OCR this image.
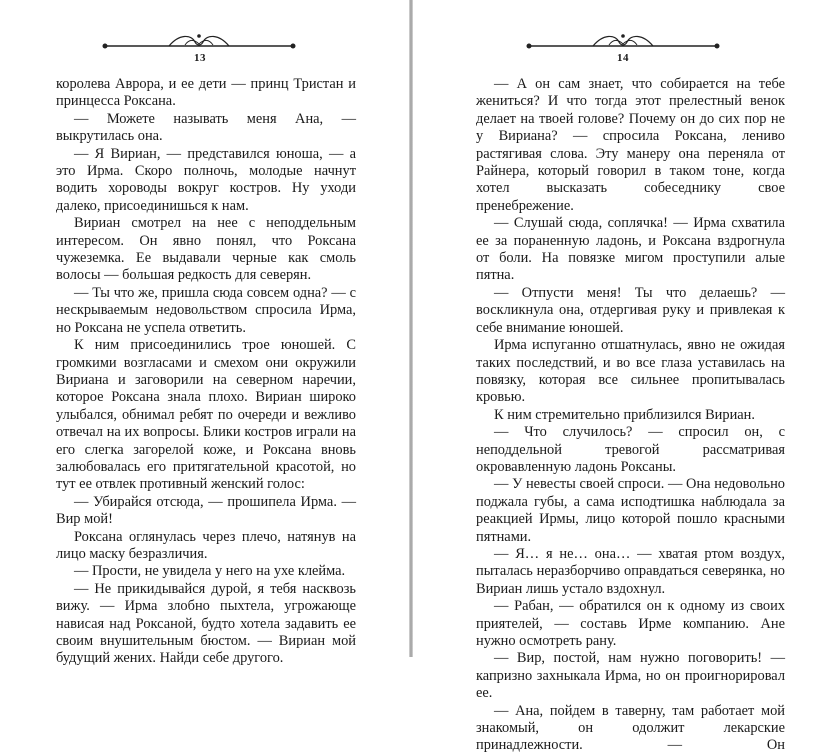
13

королева Аврора, и ее дети — принц Тристан и принцесса Роксана.

— Можете называть меня Ана, — выкрутилась она.

— Я Вириан, — представился юноша, — а это Ирма. Скоро полночь, молодые начнут водить хороводы вокруг костров. Ну уходи далеко, присоединишься к нам.

Вириан смотрел на нее с неподдельным интересом. Он явно понял, что Роксана чужеземка. Ее выдавали черные как смоль волосы — большая редкость для северян.

— Ты что же, пришла сюда совсем одна? — с нескрываемым недовольством спросила Ирма, но Роксана не успела ответить.

К ним присоединились трое юношей. С громкими возгласами и смехом они окружили Вириана и заговорили на северном наречии, которое Роксана знала плохо. Вириан широко улыбался, обнимал ребят по очереди и вежливо отвечал на их вопросы. Блики костров играли на его слегка загорелой коже, и Роксана вновь залюбовалась его притягательной красотой, но тут ее отвлек противный женский голос:

— Убирайся отсюда, — прошипела Ирма. — Вир мой!

Роксана оглянулась через плечо, натянув на лицо маску безразличия.

— Прости, не увидела у него на ухе клейма.

— Не прикидывайся дурой, я тебя насквозь вижу. — Ирма злобно пыхтела, угрожающе нависая над Роксаной, будто хотела задавить ее своим внушительным бюстом. — Вириан мой будущий жених. Найди себе другого.

14

— А он сам знает, что собирается на тебе жениться? И что тогда этот прелестный венок делает на твоей голове? Почему он до сих пор не у Вириана? — спросила Роксана, лениво растягивая слова. Эту манеру она переняла от Райнера, который говорил в таком тоне, когда хотел высказать собеседнику свое пренебрежение.

— Слушай сюда, соплячка! — Ирма схватила ее за пораненную ладонь, и Роксана вздрогнула от боли. На повязке мигом проступили алые пятна.

— Отпусти меня! Ты что делаешь? — воскликнула она, отдергивая руку и привлекая к себе внимание юношей.

Ирма испуганно отшатнулась, явно не ожидая таких последствий, и во все глаза уставилась на повязку, которая все сильнее пропитывалась кровью.

К ним стремительно приблизился Вириан.

— Что случилось? — спросил он, с неподдельной тревогой рассматривая окровавленную ладонь Роксаны.

— У невесты своей спроси. — Она недовольно поджала губы, а сама исподтишка наблюдала за реакцией Ирмы, лицо которой пошло красными пятнами.

— Я… я не… она… — хватая ртом воздух, пыталась неразборчиво оправдаться северянка, но Вириан лишь устало вздохнул.

— Рабан, — обратился он к одному из своих приятелей, — составь Ирме компанию. Ане нужно осмотреть рану.

— Вир, постой, нам нужно поговорить! — капризно захныкала Ирма, но он проигнорировал ее.

— Ана, пойдем в таверну, там работает мой знакомый, он одолжит лекарские принадлежности. — Он
